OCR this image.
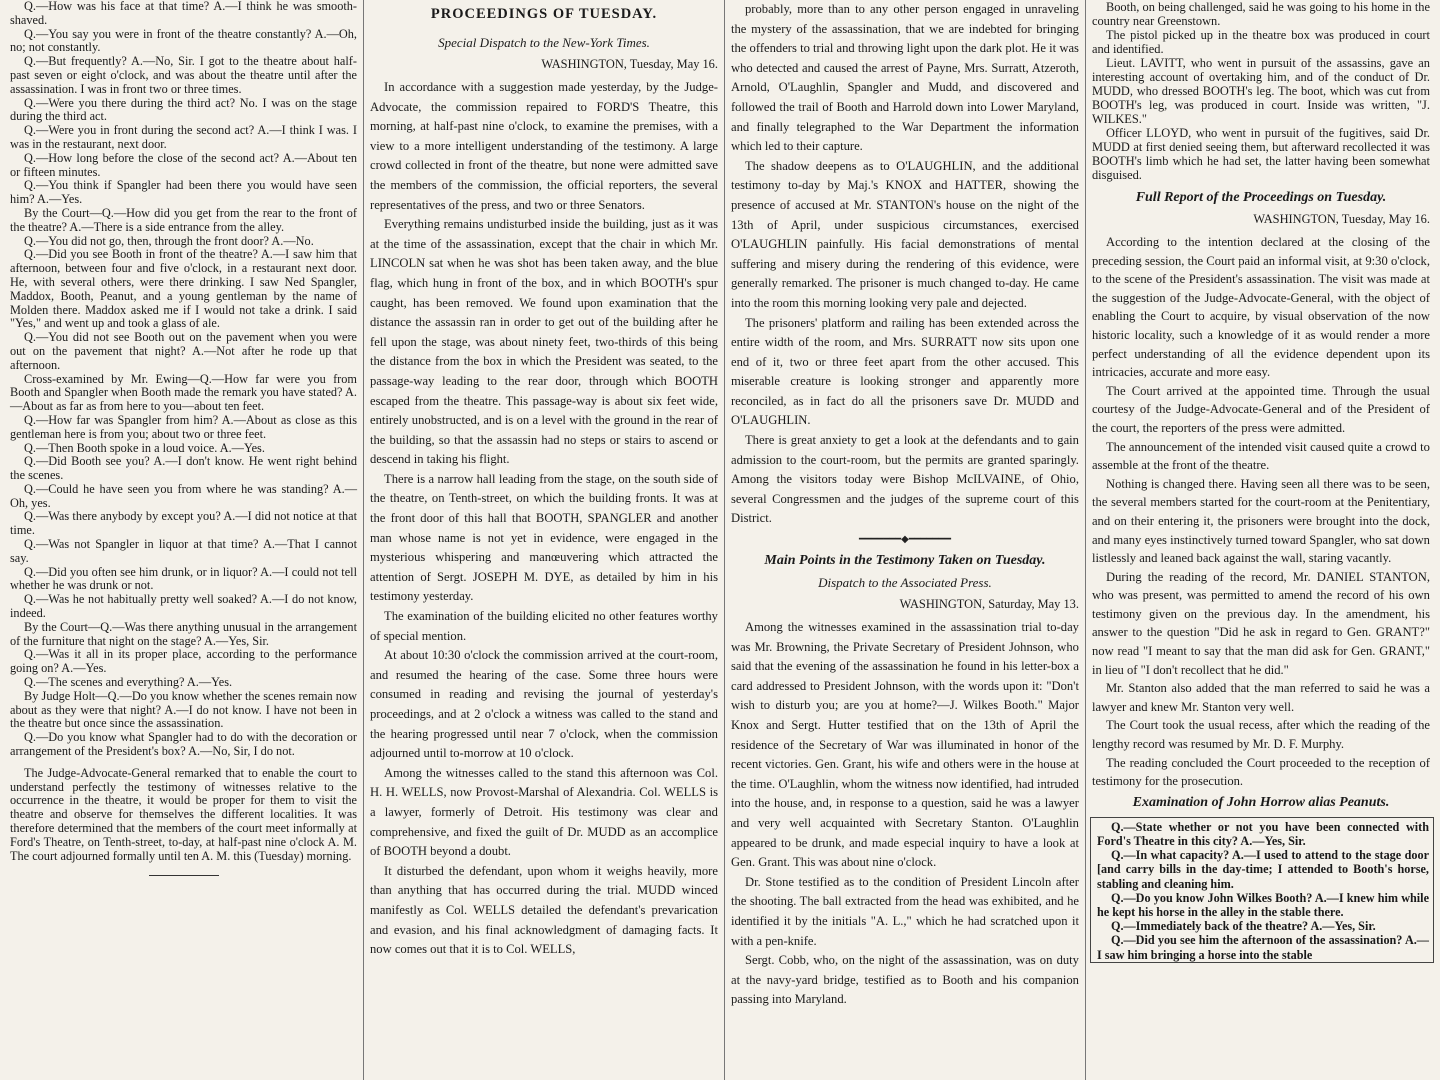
Q.—How was his face at that time? A.—I think he was smooth-shaved.

Q.—You say you were in front of the theatre constantly? A.—Oh, no; not constantly.

Q.—But frequently? A.—No, Sir. I got to the theatre about half-past seven or eight o'clock, and was about the theatre until after the assassination. I was in front two or three times.

Q.—Were you there during the third act? No. I was on the stage during the third act.

Q.—Were you in front during the second act? A.—I think I was. I was in the restaurant, next door.

Q.—How long before the close of the second act? A.—About ten or fifteen minutes.

Q.—You think if Spangler had been there you would have seen him? A.—Yes.

By the Court—Q.—How did you get from the rear to the front of the theatre? A.—There is a side entrance from the alley.

Q.—You did not go, then, through the front door? A.—No.

Q.—Did you see Booth in front of the theatre? A.—I saw him that afternoon, between four and five o'clock, in a restaurant next door. He, with several others, were there drinking. I saw Ned Spangler, Maddox, Booth, Peanut, and a young gentleman by the name of Molden there. Maddox asked me if I would not take a drink. I said "Yes," and went up and took a glass of ale.

Q.—You did not see Booth out on the pavement when you were out on the pavement that night? A.—Not after he rode up that afternoon.

Cross-examined by Mr. Ewing—Q.—How far were you from Booth and Spangler when Booth made the remark you have stated? A.—About as far as from here to you—about ten feet.

Q.—How far was Spangler from him? A.—About as close as this gentleman here is from you; about two or three feet.

Q.—Then Booth spoke in a loud voice. A.—Yes.

Q.—Did Booth see you? A.—I don't know. He went right behind the scenes.

Q.—Could he have seen you from where he was standing? A.—Oh, yes.

Q.—Was there anybody by except you? A.—I did not notice at that time.

Q.—Was not Spangler in liquor at that time? A.—That I cannot say.

Q.—Did you often see him drunk, or in liquor? A.—I could not tell whether he was drunk or not.

Q.—Was he not habitually pretty well soaked? A.—I do not know, indeed.

By the Court—Q.—Was there anything unusual in the arrangement of the furniture that night on the stage? A.—Yes, Sir.

Q.—Was it all in its proper place, according to the performance going on? A.—Yes.

Q.—The scenes and everything? A.—Yes.

By Judge Holt—Q.—Do you know whether the scenes remain now about as they were that night? A.—I do not know. I have not been in the theatre but once since the assassination.

Q.—Do you know what Spangler had to do with the decoration or arrangement of the President's box? A.—No, Sir, I do not.

The Judge-Advocate-General remarked that to enable the court to understand perfectly the testimony of witnesses relative to the occurrence in the theatre, it would be proper for them to visit the theatre and observe for themselves the different localities. It was therefore determined that the members of the court meet informally at Ford's Theatre, on Tenth-street, to-day, at half-past nine o'clock A. M. The court adjourned formally until ten A. M. this (Tuesday) morning.

PROCEEDINGS OF TUESDAY.
Special Dispatch to the New-York Times.
WASHINGTON, Tuesday, May 16.

In accordance with a suggestion made yesterday, by the Judge-Advocate, the commission repaired to FORD'S Theatre, this morning, at half-past nine o'clock, to examine the premises, with a view to a more intelligent understanding of the testimony. A large crowd collected in front of the theatre, but none were admitted save the members of the commission, the official reporters, the several representatives of the press, and two or three Senators.

Everything remains undisturbed inside the building, just as it was at the time of the assassination, except that the chair in which Mr. LINCOLN sat when he was shot has been taken away, and the blue flag, which hung in front of the box, and in which BOOTH's spur caught, has been removed. We found upon examination that the distance the assassin ran in order to get out of the building after he fell upon the stage, was about ninety feet, two-thirds of this being the distance from the box in which the President was seated, to the passage-way leading to the rear door, through which BOOTH escaped from the theatre. This passage-way is about six feet wide, entirely unobstructed, and is on a level with the ground in the rear of the building, so that the assassin had no steps or stairs to ascend or descend in taking his flight.

There is a narrow hall leading from the stage, on the south side of the theatre, on Tenth-street, on which the building fronts. It was at the front door of this hall that BOOTH, SPANGLER and another man whose name is not yet in evidence, were engaged in the mysterious whispering and manœuvering which attracted the attention of Sergt. JOSEPH M. DYE, as detailed by him in his testimony yesterday.

The examination of the building elicited no other features worthy of special mention.

At about 10:30 o'clock the commission arrived at the court-room, and resumed the hearing of the case. Some three hours were consumed in reading and revising the journal of yesterday's proceedings, and at 2 o'clock a witness was called to the stand and the hearing progressed until near 7 o'clock, when the commission adjourned until to-morrow at 10 o'clock.

Among the witnesses called to the stand this afternoon was Col. H. H. WELLS, now Provost-Marshal of Alexandria. Col. WELLS is a lawyer, formerly of Detroit. His testimony was clear and comprehensive, and fixed the guilt of Dr. MUDD as an accomplice of BOOTH beyond a doubt.

It disturbed the defendant, upon whom it weighs heavily, more than anything that has occurred during the trial. MUDD winced manifestly as Col. WELLS detailed the defendant's prevarication and evasion, and his final acknowledgment of damaging facts. It now comes out that it is to Col. WELLS,

probably, more than to any other person engaged in unraveling the mystery of the assassination, that we are indebted for bringing the offenders to trial and throwing light upon the dark plot. He it was who detected and caused the arrest of Payne, Mrs. Surratt, Atzeroth, Arnold, O'Laughlin, Spangler and Mudd, and discovered and followed the trail of Booth and Harrold down into Lower Maryland, and finally telegraphed to the War Department the information which led to their capture.

The shadow deepens as to O'LAUGHLIN, and the additional testimony to-day by Maj.'s KNOX and HATTER, showing the presence of accused at Mr. STANTON's house on the night of the 13th of April, under suspicious circumstances, exercised O'LAUGHLIN painfully. His facial demonstrations of mental suffering and misery during the rendering of this evidence, were generally remarked. The prisoner is much changed to-day. He came into the room this morning looking very pale and dejected.

The prisoners' platform and railing has been extended across the entire width of the room, and Mrs. SURRATT now sits upon one end of it, two or three feet apart from the other accused. This miserable creature is looking stronger and apparently more reconciled, as in fact do all the prisoners save Dr. MUDD and O'LAUGHLIN.

There is great anxiety to get a look at the defendants and to gain admission to the court-room, but the permits are granted sparingly. Among the visitors today were Bishop McILVAINE, of Ohio, several Congressmen and the judges of the supreme court of this District.

━━━━━━━◆━━━━━━━
Main Points in the Testimony Taken on Tuesday.
Dispatch to the Associated Press.
WASHINGTON, Saturday, May 13.

Among the witnesses examined in the assassination trial to-day was Mr. Browning, the Private Secretary of President Johnson, who said that the evening of the assassination he found in his letter-box a card addressed to President Johnson, with the words upon it: "Don't wish to disturb you; are you at home?—J. Wilkes Booth." Major Knox and Sergt. Hutter testified that on the 13th of April the residence of the Secretary of War was illuminated in honor of the recent victories. Gen. Grant, his wife and others were in the house at the time. O'Laughlin, whom the witness now identified, had intruded into the house, and, in response to a question, said he was a lawyer and very well acquainted with Secretary Stanton. O'Laughlin appeared to be drunk, and made especial inquiry to have a look at Gen. Grant. This was about nine o'clock.

Dr. Stone testified as to the condition of President Lincoln after the shooting. The ball extracted from the head was exhibited, and he identified it by the initials "A. L.," which he had scratched upon it with a pen-knife.

Sergt. Cobb, who, on the night of the assassination, was on duty at the navy-yard bridge, testified as to Booth and his companion passing into Maryland.

Booth, on being challenged, said he was going to his home in the country near Greenstown.

The pistol picked up in the theatre box was produced in court and identified.

Lieut. LAVITT, who went in pursuit of the assassins, gave an interesting account of overtaking him, and of the conduct of Dr. MUDD, who dressed BOOTH's leg. The boot, which was cut from BOOTH's leg, was produced in court. Inside was written, "J. WILKES."

Officer LLOYD, who went in pursuit of the fugitives, said Dr. MUDD at first denied seeing them, but afterward recollected it was BOOTH's limb which he had set, the latter having been somewhat disguised.

Full Report of the Proceedings on Tuesday.
WASHINGTON, Tuesday, May 16.

According to the intention declared at the closing of the preceding session, the Court paid an informal visit, at 9:30 o'clock, to the scene of the President's assassination. The visit was made at the suggestion of the Judge-Advocate-General, with the object of enabling the Court to acquire, by visual observation of the now historic locality, such a knowledge of it as would render a more perfect understanding of all the evidence dependent upon its intricacies, accurate and more easy.

The Court arrived at the appointed time. Through the usual courtesy of the Judge-Advocate-General and of the President of the court, the reporters of the press were admitted.

The announcement of the intended visit caused quite a crowd to assemble at the front of the theatre.

Nothing is changed there. Having seen all there was to be seen, the several members started for the court-room at the Penitentiary, and on their entering it, the prisoners were brought into the dock, and many eyes instinctively turned toward Spangler, who sat down listlessly and leaned back against the wall, staring vacantly.

During the reading of the record, Mr. DANIEL STANTON, who was present, was permitted to amend the record of his own testimony given on the previous day. In the amendment, his answer to the question "Did he ask in regard to Gen. GRANT?" now read "I meant to say that the man did ask for Gen. GRANT," in lieu of "I don't recollect that he did."

Mr. Stanton also added that the man referred to said he was a lawyer and knew Mr. Stanton very well.

The Court took the usual recess, after which the reading of the lengthy record was resumed by Mr. D. F. Murphy.

The reading concluded the Court proceeded to the reception of testimony for the prosecution.

Examination of John Horrow alias Peanuts.

Q.—State whether or not you have been connected with Ford's Theatre in this city? A.—Yes, Sir.

Q.—In what capacity? A.—I used to attend to the stage door [and carry bills in the day-time; I attended to Booth's horse, stabling and cleaning him.

Q.—Do you know John Wilkes Booth? A.—I knew him while he kept his horse in the alley in the stable there.

Q.—Immediately back of the theatre? A.—Yes, Sir.

Q.—Did you see him the afternoon of the assassination? A.—I saw him bringing a horse into the stable
